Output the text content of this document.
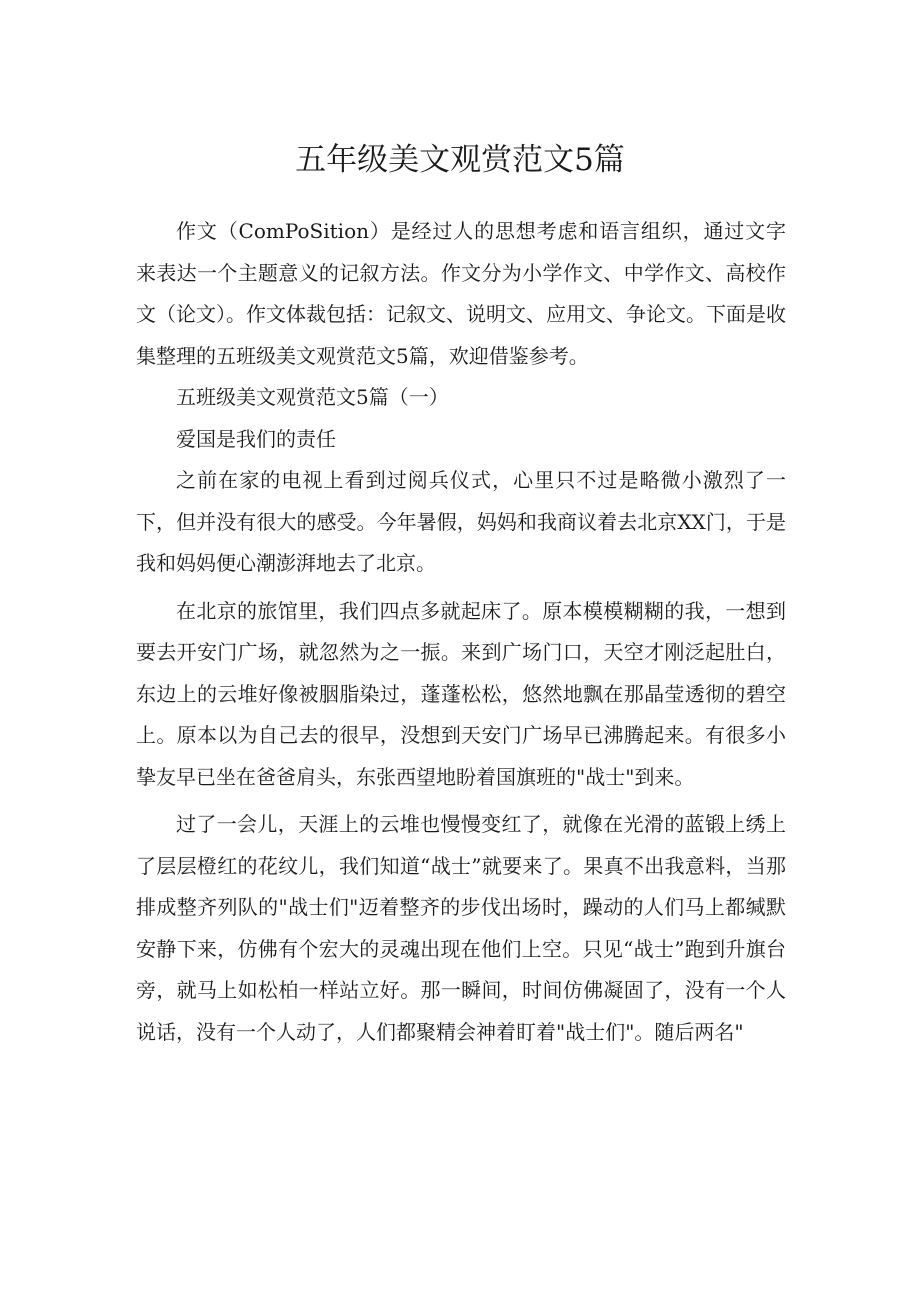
五年级美文观赏范文5篇

作文（ComPoSition）是经过人的思想考虑和语言组织，通过文字来表达一个主题意义的记叙方法。作文分为小学作文、中学作文、高校作文（论文）。作文体裁包括：记叙文、说明文、应用文、争论文。下面是收集整理的五班级美文观赏范文5篇，欢迎借鉴参考。

五班级美文观赏范文5篇（一）

爱国是我们的责任

之前在家的电视上看到过阅兵仪式，心里只不过是略微小激烈了一下，但并没有很大的感受。今年暑假，妈妈和我商议着去北京XX门，于是我和妈妈便心潮澎湃地去了北京。

在北京的旅馆里，我们四点多就起床了。原本模模糊糊的我，一想到要去开安门广场，就忽然为之一振。来到广场门口，天空才刚泛起肚白，东边上的云堆好像被胭脂染过，蓬蓬松松，悠然地飘在那晶莹透彻的碧空上。原本以为自己去的很早，没想到天安门广场早已沸腾起来。有很多小挚友早已坐在爸爸肩头，东张西望地盼着国旗班的"战士"到来。

过了一会儿，天涯上的云堆也慢慢变红了，就像在光滑的蓝锻上绣上了层层橙红的花纹儿，我们知道“战士”就要来了。果真不出我意料，当那排成整齐列队的"战士们"迈着整齐的步伐出场时，躁动的人们马上都缄默安静下来，仿佛有个宏大的灵魂出现在他们上空。只见“战士”跑到升旗台旁，就马上如松柏一样站立好。那一瞬间，时间仿佛凝固了，没有一个人说话，没有一个人动了，人们都聚精会神着盯着"战士们"。随后两名"
